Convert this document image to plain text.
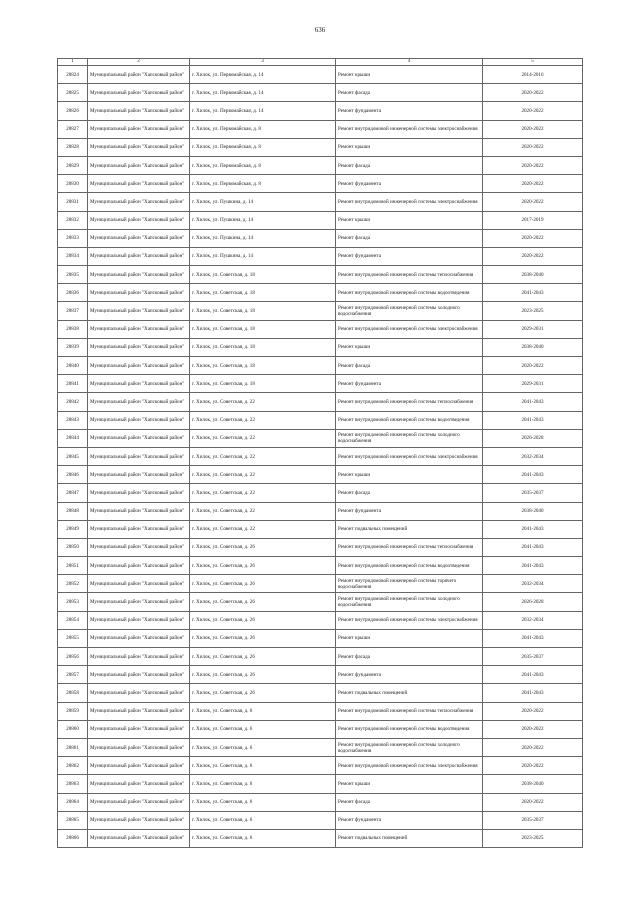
636
1	2	3	4	5
28824	Муниципальный район "Хапсковый район"	г. Хилок, ул. Первомайская, д. 14	Ремонт крыши	2014-2016
28825	Муниципальный район "Хапсковый район"	г. Хилок, ул. Первомайская, д. 14	Ремонт фасада	2020-2022
28826	Муниципальный район "Хапсковый район"	г. Хилок, ул. Первомайская, д. 14	Ремонт фундамента	2020-2022
28827	Муниципальный район "Хапсковый район"	г. Хилок, ул. Первомайская, д. 8	Ремонт внутридомовой инженерной системы электроснабжения	2020-2022
28828	Муниципальный район "Хапсковый район"	г. Хилок, ул. Первомайская, д. 8	Ремонт крыши	2020-2022
28829	Муниципальный район "Хапсковый район"	г. Хилок, ул. Первомайская, д. 8	Ремонт фасада	2020-2022
28830	Муниципальный район "Хапсковый район"	г. Хилок, ул. Первомайская, д. 8	Ремонт фундамента	2020-2022
28831	Муниципальный район "Хапсковый район"	г. Хилок, ул. Пушкина, д. 14	Ремонт внутридомовой инженерной системы электроснабжения	2020-2022
28832	Муниципальный район "Хапсковый район"	г. Хилок, ул. Пушкина, д. 14	Ремонт крыши	2017-2019
28833	Муниципальный район "Хапсковый район"	г. Хилок, ул. Пушкина, д. 14	Ремонт фасада	2020-2022
28834	Муниципальный район "Хапсковый район"	г. Хилок, ул. Пушкина, д. 14	Ремонт фундамента	2020-2022
28835	Муниципальный район "Хапсковый район"	г. Хилок, ул. Советская, д. 18	Ремонт внутридомовой инженерной системы теплоснабжения	2038-2040
28836	Муниципальный район "Хапсковый район"	г. Хилок, ул. Советская, д. 18	Ремонт внутридомовой инженерной системы водоотведения	2041-2043
28837	Муниципальный район "Хапсковый район"	г. Хилок, ул. Советская, д. 18	Ремонт внутридомовой инженерной системы холодного водоснабжения	2023-2025
28838	Муниципальный район "Хапсковый район"	г. Хилок, ул. Советская, д. 18	Ремонт внутридомовой инженерной системы электроснабжения	2029-2031
28839	Муниципальный район "Хапсковый район"	г. Хилок, ул. Советская, д. 18	Ремонт крыши	2038-2040
28840	Муниципальный район "Хапсковый район"	г. Хилок, ул. Советская, д. 18	Ремонт фасада	2020-2022
28841	Муниципальный район "Хапсковый район"	г. Хилок, ул. Советская, д. 18	Ремонт фундамента	2029-2031
28842	Муниципальный район "Хапсковый район"	г. Хилок, ул. Советская, д. 22	Ремонт внутридомовой инженерной системы теплоснабжения	2041-2043
28843	Муниципальный район "Хапсковый район"	г. Хилок, ул. Советская, д. 22	Ремонт внутридомовой инженерной системы водоотведения	2041-2043
28844	Муниципальный район "Хапсковый район"	г. Хилок, ул. Советская, д. 22	Ремонт внутридомовой инженерной системы холодного водоснабжения	2026-2028
28845	Муниципальный район "Хапсковый район"	г. Хилок, ул. Советская, д. 22	Ремонт внутридомовой инженерной системы электроснабжения	2032-2034
28846	Муниципальный район "Хапсковый район"	г. Хилок, ул. Советская, д. 22	Ремонт крыши	2041-2043
28847	Муниципальный район "Хапсковый район"	г. Хилок, ул. Советская, д. 22	Ремонт фасада	2035-2037
28848	Муниципальный район "Хапсковый район"	г. Хилок, ул. Советская, д. 22	Ремонт фундамента	2038-2040
28849	Муниципальный район "Хапсковый район"	г. Хилок, ул. Советская, д. 22	Ремонт подвальных помещений	2041-2043
28850	Муниципальный район "Хапсковый район"	г. Хилок, ул. Советская, д. 26	Ремонт внутридомовой инженерной системы теплоснабжения	2041-2043
28851	Муниципальный район "Хапсковый район"	г. Хилок, ул. Советская, д. 26	Ремонт внутридомовой инженерной системы водоотведения	2041-2043
28852	Муниципальный район "Хапсковый район"	г. Хилок, ул. Советская, д. 26	Ремонт внутридомовой инженерной системы горячего водоснабжения	2032-2034
28853	Муниципальный район "Хапсковый район"	г. Хилок, ул. Советская, д. 26	Ремонт внутридомовой инженерной системы холодного водоснабжения	2026-2028
28854	Муниципальный район "Хапсковый район"	г. Хилок, ул. Советская, д. 26	Ремонт внутридомовой инженерной системы электроснабжения	2032-2034
28855	Муниципальный район "Хапсковый район"	г. Хилок, ул. Советская, д. 26	Ремонт крыши	2041-2043
28856	Муниципальный район "Хапсковый район"	г. Хилок, ул. Советская, д. 26	Ремонт фасада	2035-2037
28857	Муниципальный район "Хапсковый район"	г. Хилок, ул. Советская, д. 26	Ремонт фундамента	2041-2043
28858	Муниципальный район "Хапсковый район"	г. Хилок, ул. Советская, д. 26	Ремонт подвальных помещений	2041-2043
28859	Муниципальный район "Хапсковый район"	г. Хилок, ул. Советская, д. 6	Ремонт внутридомовой инженерной системы теплоснабжения	2020-2022
28860	Муниципальный район "Хапсковый район"	г. Хилок, ул. Советская, д. 6	Ремонт внутридомовой инженерной системы водоотведения	2020-2022
28861	Муниципальный район "Хапсковый район"	г. Хилок, ул. Советская, д. 6	Ремонт внутридомовой инженерной системы холодного водоснабжения	2020-2022
28862	Муниципальный район "Хапсковый район"	г. Хилок, ул. Советская, д. 6	Ремонт внутридомовой инженерной системы электроснабжения	2020-2022
28863	Муниципальный район "Хапсковый район"	г. Хилок, ул. Советская, д. 6	Ремонт крыши	2038-2040
28864	Муниципальный район "Хапсковый район"	г. Хилок, ул. Советская, д. 6	Ремонт фасада	2020-2022
28865	Муниципальный район "Хапсковый район"	г. Хилок, ул. Советская, д. 6	Ремонт фундамента	2035-2037
28866	Муниципальный район "Хапсковый район"	г. Хилок, ул. Советская, д. 6	Ремонт подвальных помещений	2023-2025
